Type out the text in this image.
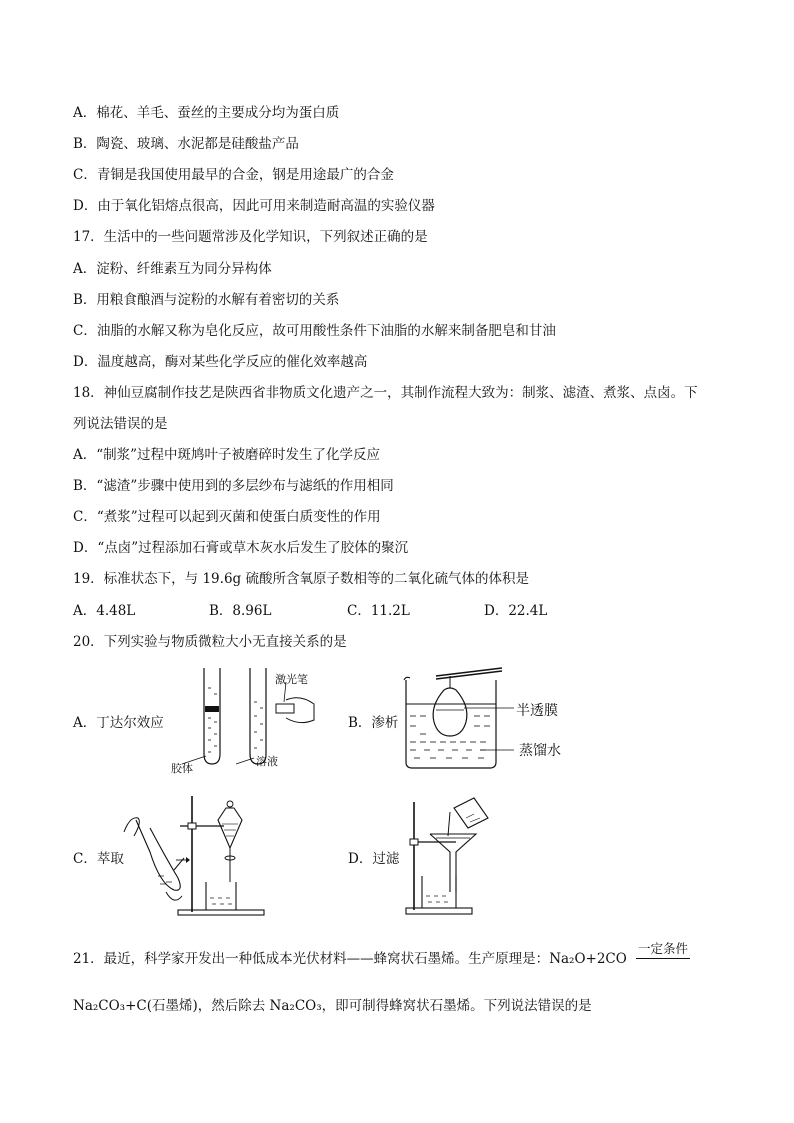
A．棉花、羊毛、蚕丝的主要成分均为蛋白质
B．陶瓷、玻璃、水泥都是硅酸盐产品
C．青铜是我国使用最早的合金，钢是用途最广的合金
D．由于氧化铝熔点很高，因此可用来制造耐高温的实验仪器
17．生活中的一些问题常涉及化学知识，下列叙述正确的是
A．淀粉、纤维素互为同分异构体
B．用粮食酿酒与淀粉的水解有着密切的关系
C．油脂的水解又称为皂化反应，故可用酸性条件下油脂的水解来制备肥皂和甘油
D．温度越高，酶对某些化学反应的催化效率越高
18．神仙豆腐制作技艺是陕西省非物质文化遗产之一，其制作流程大致为：制浆、滤渣、煮浆、点卤。下
列说法错误的是
A．“制浆”过程中斑鸠叶子被磨碎时发生了化学反应
B．“滤渣”步骤中使用到的多层纱布与滤纸的作用相同
C．“煮浆”过程可以起到灭菌和使蛋白质变性的作用
D．“点卤”过程添加石膏或草木灰水后发生了胶体的聚沉
19．标准状态下，与 19.6g 硫酸所含氧原子数相等的二氧化硫气体的体积是
A．4.48L	B．8.96L	C．11.2L	D．22.4L
20．下列实验与物质微粒大小无直接关系的是
A．丁达尔效应	B．渗析
C．萃取	D．过滤
激光笔
胶体
溶液
半透膜
蒸馏水
21．最近，科学家开发出一种低成本光伏材料——蜂窝状石墨烯。生产原理是：Na₂O+2CO
一定条件
Na₂CO₃+C(石墨烯)，然后除去 Na₂CO₃，即可制得蜂窝状石墨烯。下列说法错误的是
